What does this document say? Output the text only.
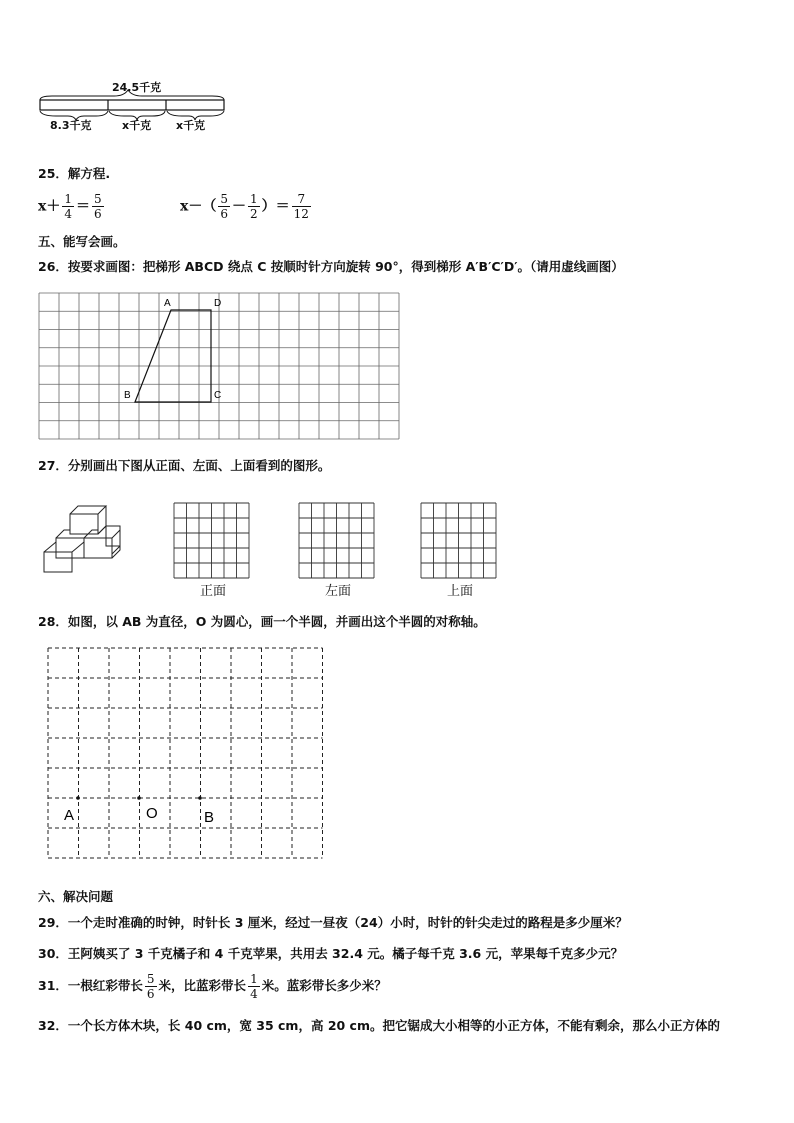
24.5千克
8.3千克	x千克 x千克
25．解方程.
$x+ \frac{1}{4} = \frac{5}{6}$	$x-( \frac{5}{6} - \frac{1}{2}$ ）＝ $\frac{7}{12}$
五、能写会画。
26．按要求画图：把梯形 ABCD 绕点 C 按顺时针方向旋转 90°，得到梯形 A′B′C′D′。（请用虚线画图）
A	D
B	C
27．分别画出下图从正面、左面、上面看到的图形。
正面	左面	上面
28．如图，以 AB 为直径，O 为圆心，画一个半圆，并画出这个半圆的对称轴。
A	O	B
六、解决问题
29．一个走时准确的时钟，时针长 3 厘米，经过一昼夜（24）小时，时针的针尖走过的路程是多少厘米？
30．王阿姨买了 3 千克橘子和 4 千克苹果，共用去 32.4 元。橘子每千克 3.6 元，苹果每千克多少元？
31．一根红彩带长 $\frac{5}{6}$ 米，比蓝彩带长 $\frac{1}{4}$ 米。蓝彩带长多少米？
32．一个长方体木块，长 40 cm，宽 35 cm，高 20 cm。把它锯成大小相等的小正方体，不能有剩余，那么小正方体的
